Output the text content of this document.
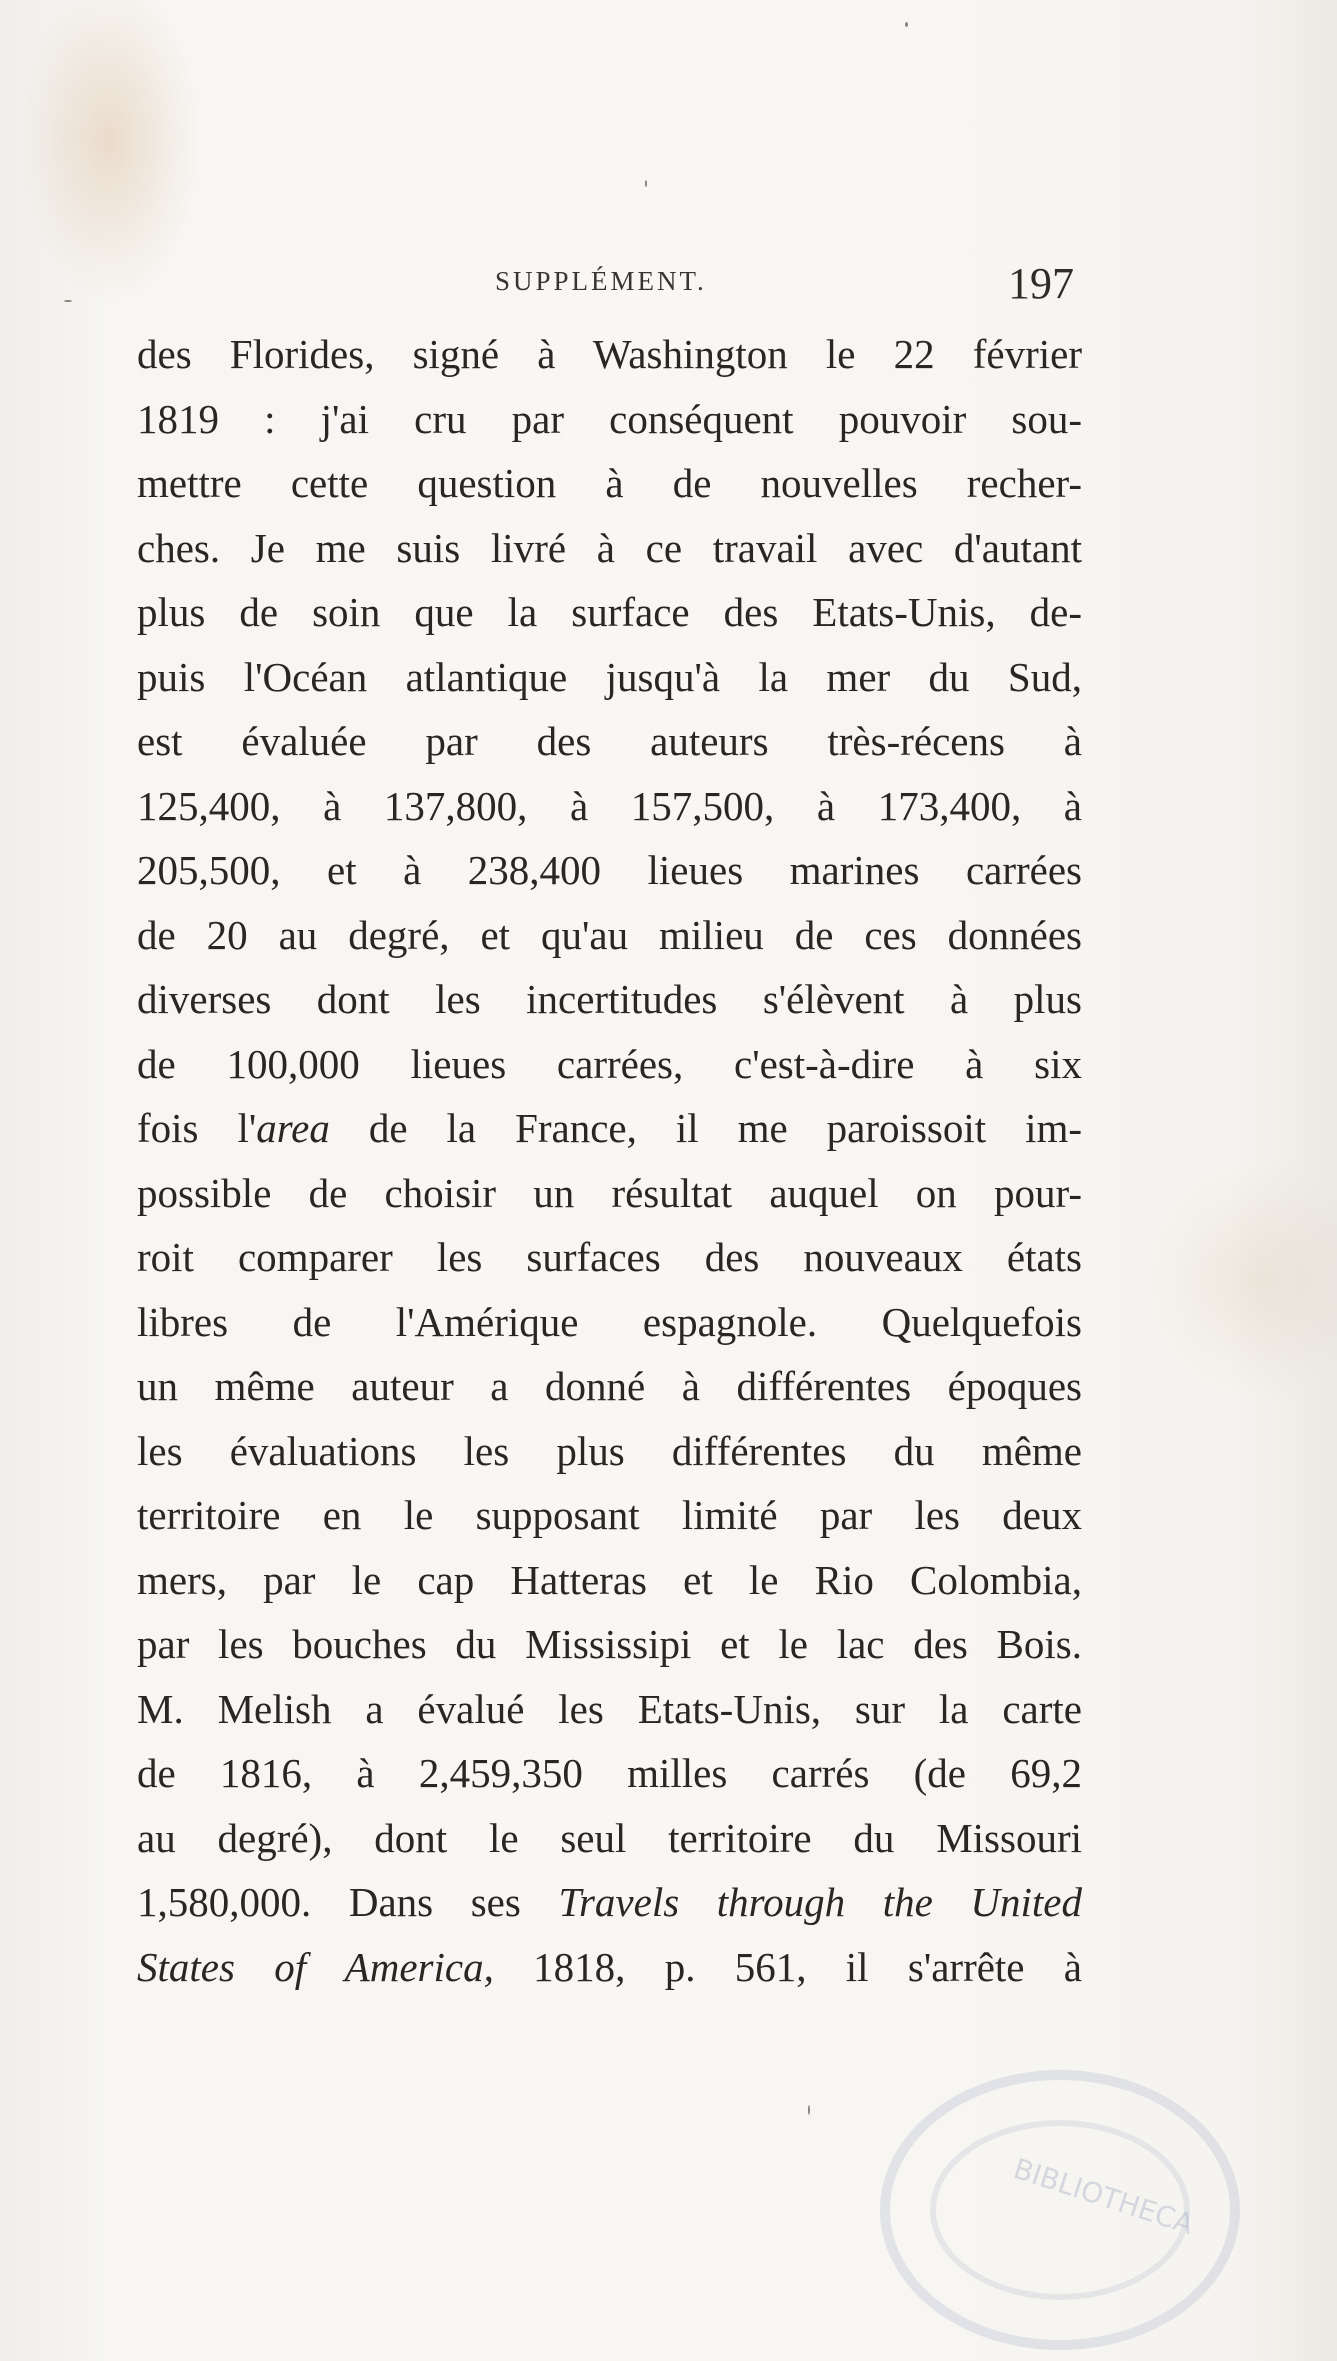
SUPPLÉMENT.	197
des Florides, signé à Washington le 22 février
1819 : j'ai cru par conséquent pouvoir sou-
mettre cette question à de nouvelles recher-
ches. Je me suis livré à ce travail avec d'autant
plus de soin que la surface des Etats-Unis, de-
puis l'Océan atlantique jusqu'à la mer du Sud,
est évaluée par des auteurs très-récens à
125,400, à 137,800, à 157,500, à 173,400, à
205,500, et à 238,400 lieues marines carrées
de 20 au degré, et qu'au milieu de ces données
diverses dont les incertitudes s'élèvent à plus
de 100,000 lieues carrées, c'est-à-dire à six
fois l'area de la France, il me paroissoit im-
possible de choisir un résultat auquel on pour-
roit comparer les surfaces des nouveaux états
libres de l'Amérique espagnole. Quelquefois
un même auteur a donné à différentes époques
les évaluations les plus différentes du même
territoire en le supposant limité par les deux
mers, par le cap Hatteras et le Rio Colombia,
par les bouches du Mississipi et le lac des Bois.
M. Melish a évalué les Etats-Unis, sur la carte
de 1816, à 2,459,350 milles carrés (de 69,2
au degré), dont le seul territoire du Missouri
1,580,000. Dans ses Travels through the United
States of America, 1818, p. 561, il s'arrête à
BIBLIOTHECA
